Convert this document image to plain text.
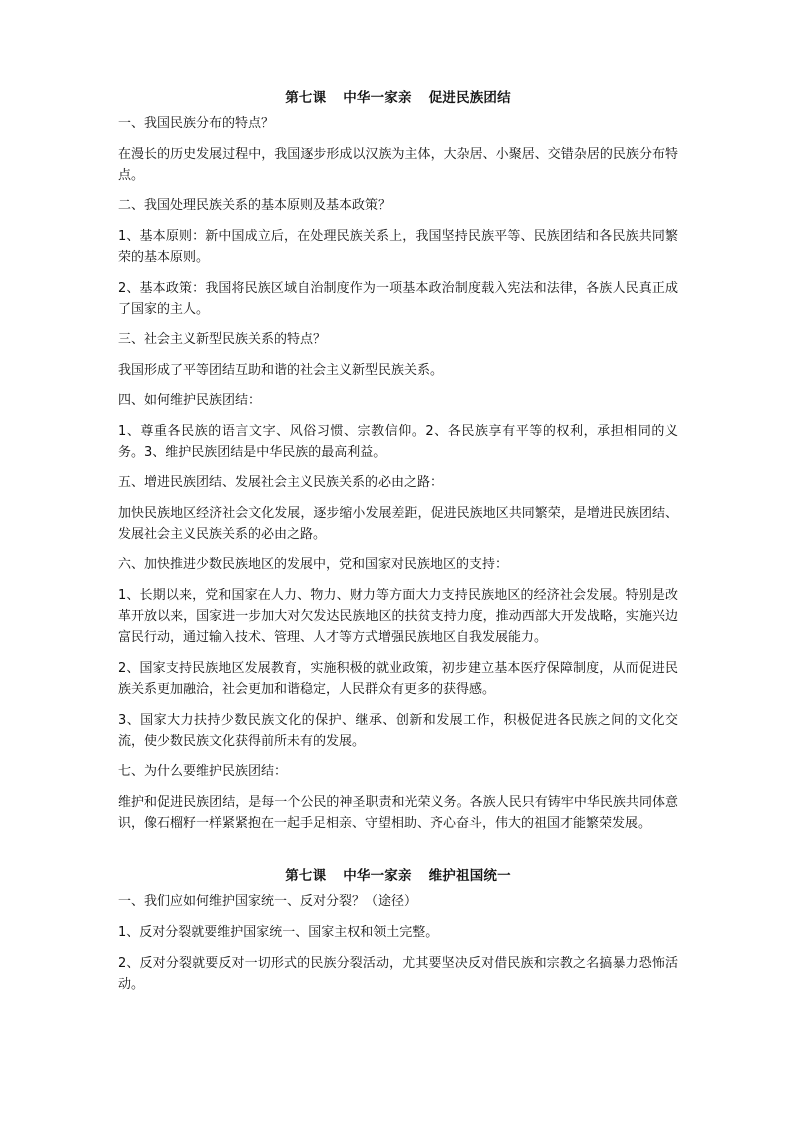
第七课 中华一家亲 促进民族团结
一、我国民族分布的特点？
在漫长的历史发展过程中，我国逐步形成以汉族为主体，大杂居、小聚居、交错杂居的民族分布特点。
二、我国处理民族关系的基本原则及基本政策？
1、基本原则：新中国成立后，在处理民族关系上，我国坚持民族平等、民族团结和各民族共同繁荣的基本原则。
2、基本政策：我国将民族区域自治制度作为一项基本政治制度载入宪法和法律，各族人民真正成了国家的主人。
三、社会主义新型民族关系的特点？
我国形成了平等团结互助和谐的社会主义新型民族关系。
四、如何维护民族团结：
1、尊重各民族的语言文字、风俗习惯、宗教信仰。2、各民族享有平等的权利，承担相同的义务。3、维护民族团结是中华民族的最高利益。
五、增进民族团结、发展社会主义民族关系的必由之路：
加快民族地区经济社会文化发展，逐步缩小发展差距，促进民族地区共同繁荣，是增进民族团结、发展社会主义民族关系的必由之路。
六、加快推进少数民族地区的发展中，党和国家对民族地区的支持：
1、长期以来，党和国家在人力、物力、财力等方面大力支持民族地区的经济社会发展。特别是改革开放以来，国家进一步加大对欠发达民族地区的扶贫支持力度，推动西部大开发战略，实施兴边富民行动，通过输入技术、管理、人才等方式增强民族地区自我发展能力。
2、国家支持民族地区发展教育，实施积极的就业政策，初步建立基本医疗保障制度，从而促进民族关系更加融洽，社会更加和谐稳定，人民群众有更多的获得感。
3、国家大力扶持少数民族文化的保护、继承、创新和发展工作，积极促进各民族之间的文化交流，使少数民族文化获得前所未有的发展。
七、为什么要维护民族团结：
维护和促进民族团结，是每一个公民的神圣职责和光荣义务。各族人民只有铸牢中华民族共同体意识，像石榴籽一样紧紧抱在一起手足相亲、守望相助、齐心奋斗，伟大的祖国才能繁荣发展。
第七课 中华一家亲 维护祖国统一
一、我们应如何维护国家统一、反对分裂？（途径）
1、反对分裂就要维护国家统一、国家主权和领土完整。
2、反对分裂就要反对一切形式的民族分裂活动，尤其要坚决反对借民族和宗教之名搞暴力恐怖活动。
